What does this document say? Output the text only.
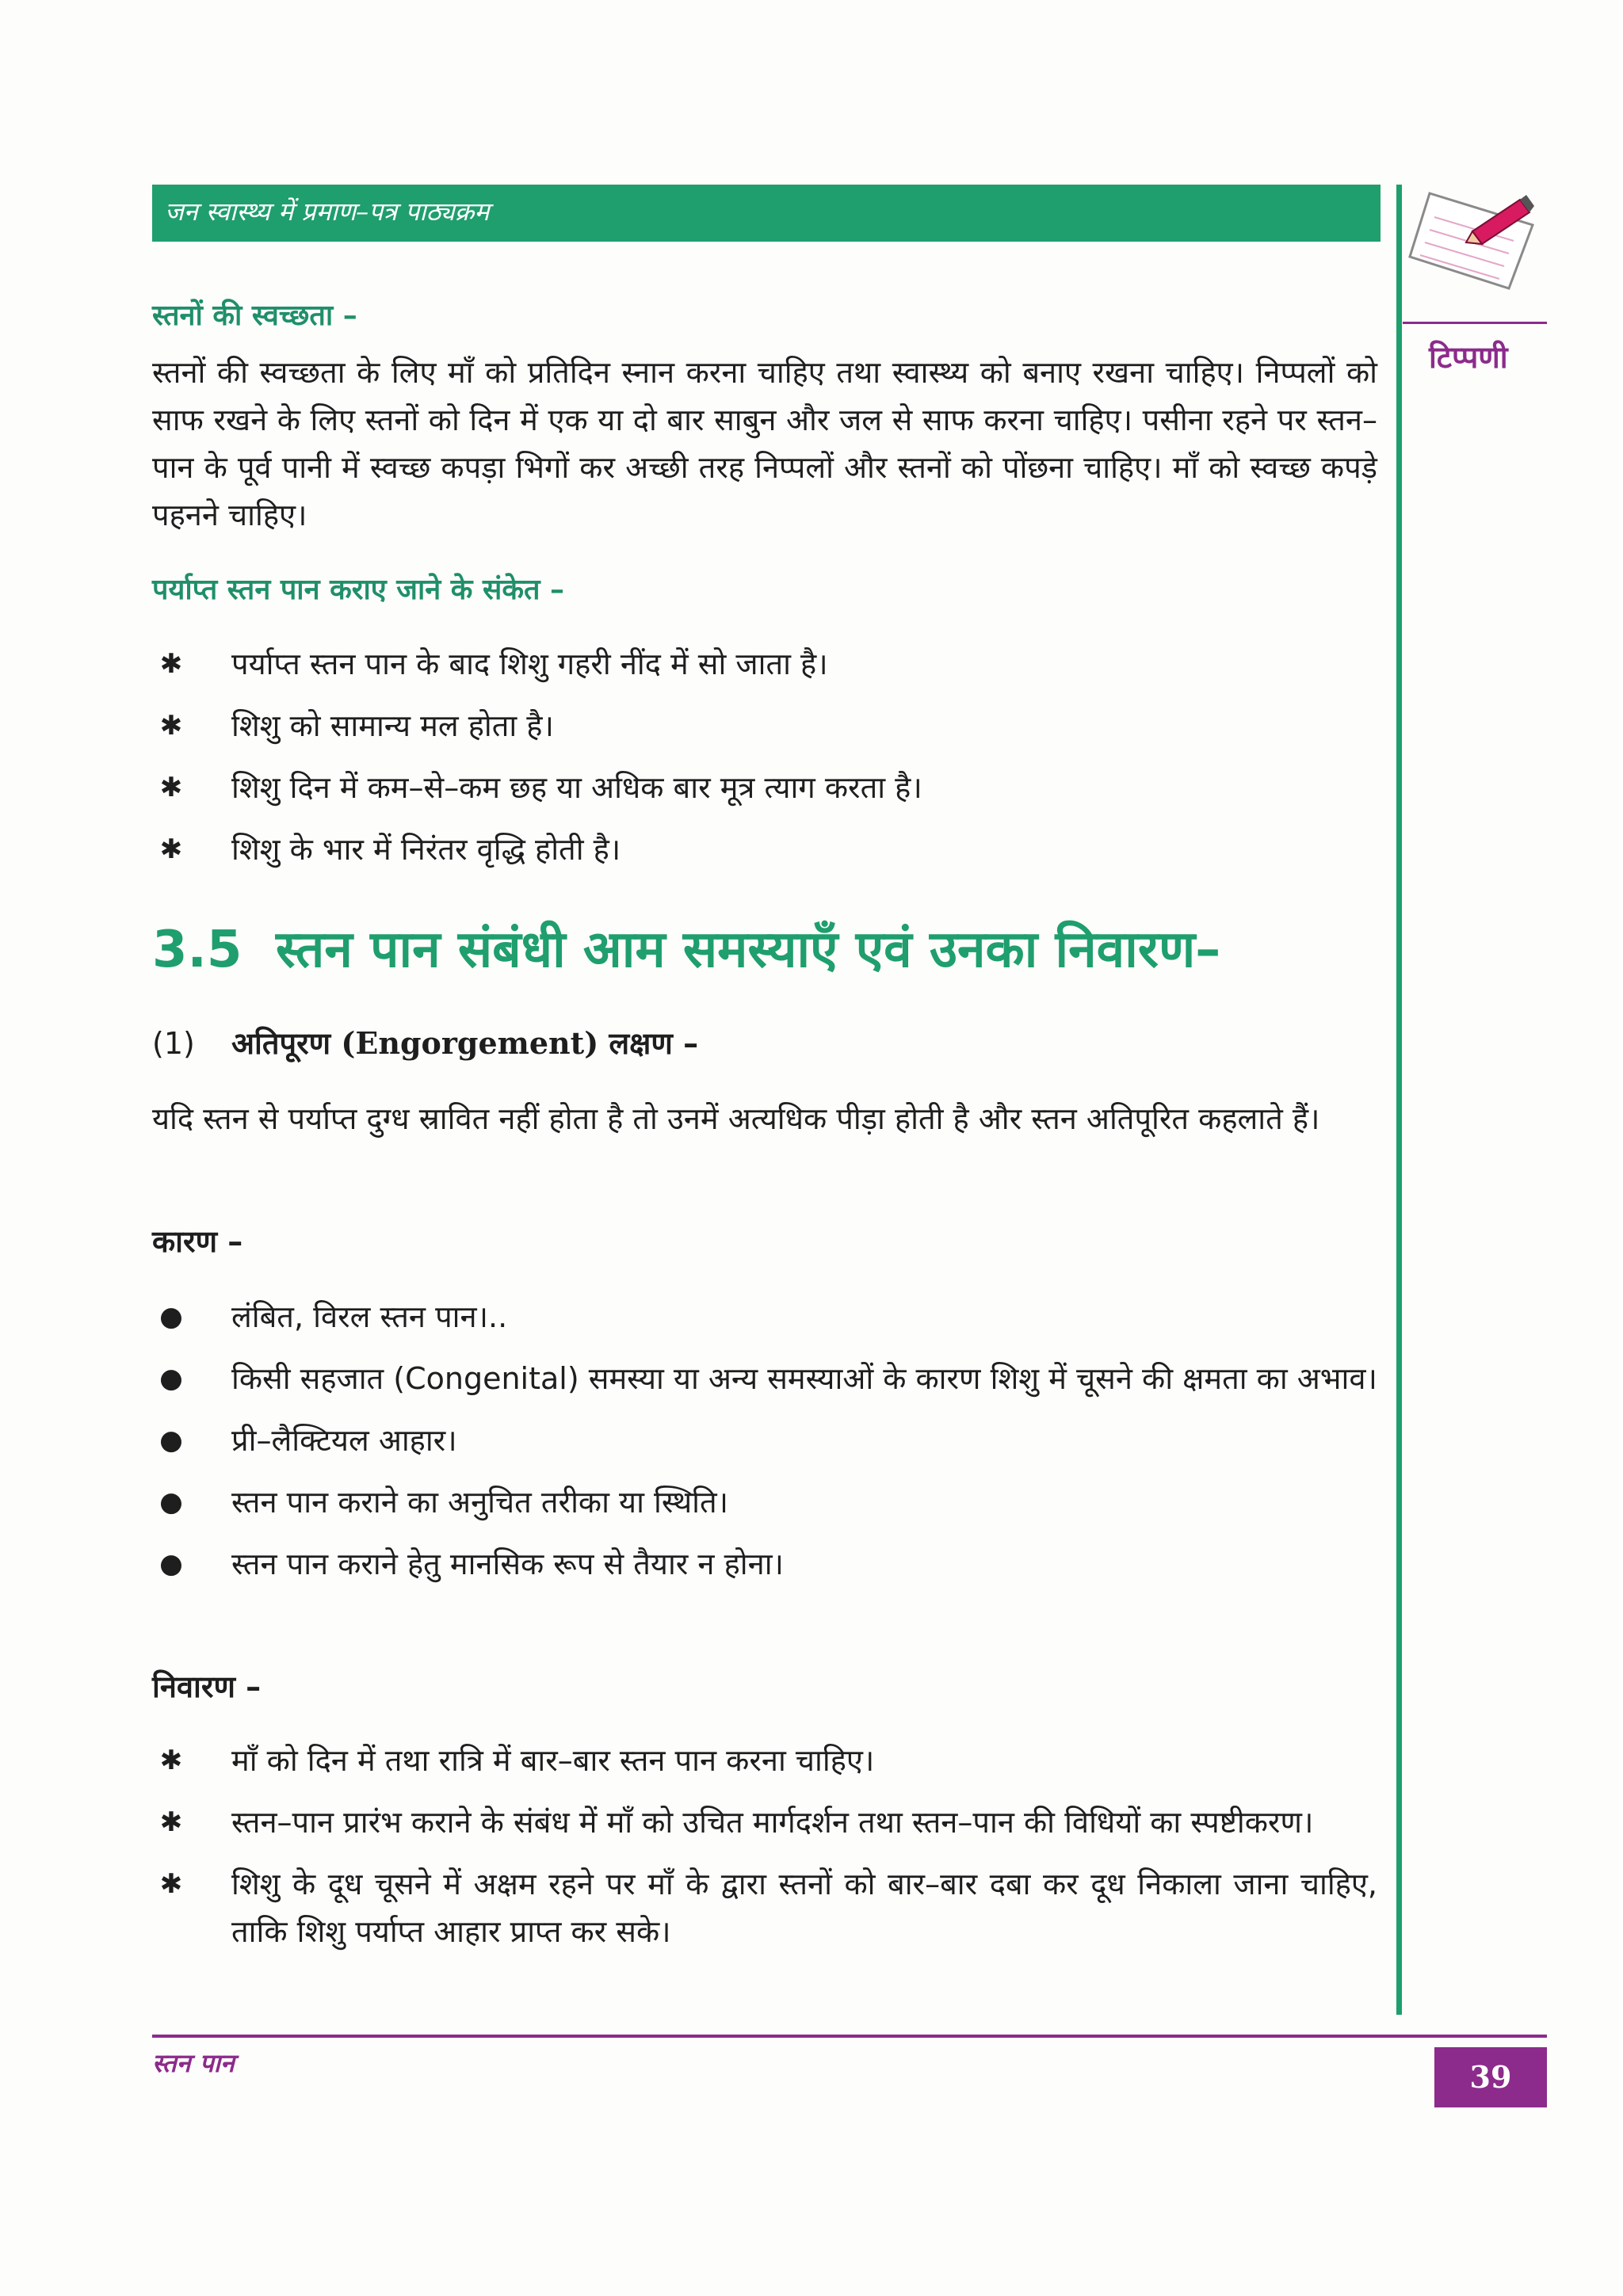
जन स्वास्थ्य में प्रमाण–पत्र पाठ्यक्रम
टिप्पणी
स्तनों की स्वच्छता –
स्तनों की स्वच्छता के लिए माँ को प्रतिदिन स्नान करना चाहिए तथा स्वास्थ्य को बनाए रखना चाहिए। निप्पलों को साफ रखने के लिए स्तनों को दिन में एक या दो बार साबुन और जल से साफ करना चाहिए। पसीना रहने पर स्तन–पान के पूर्व पानी में स्वच्छ कपड़ा भिगों कर अच्छी तरह निप्पलों और स्तनों को पोंछना चाहिए। माँ को स्वच्छ कपड़े पहनने चाहिए।
पर्याप्त स्तन पान कराए जाने के संकेत –
✱ पर्याप्त स्तन पान के बाद शिशु गहरी नींद में सो जाता है।
✱ शिशु को सामान्य मल होता है।
✱ शिशु दिन में कम–से–कम छह या अधिक बार मूत्र त्याग करता है।
✱ शिशु के भार में निरंतर वृद्धि होती है।
3.5 स्तन पान संबंधी आम समस्याएँ एवं उनका निवारण–
(1) अतिपूरण (Engorgement) लक्षण –
यदि स्तन से पर्याप्त दुग्ध स्रावित नहीं होता है तो उनमें अत्यधिक पीड़ा होती है और स्तन अतिपूरित कहलाते हैं।
कारण –
● लंबित, विरल स्तन पान।..
● किसी सहजात (Congenital) समस्या या अन्य समस्याओं के कारण शिशु में चूसने की क्षमता का अभाव।
● प्री–लैक्टियल आहार।
● स्तन पान कराने का अनुचित तरीका या स्थिति।
● स्तन पान कराने हेतु मानसिक रूप से तैयार न होना।
निवारण –
✱ माँ को दिन में तथा रात्रि में बार–बार स्तन पान करना चाहिए।
✱ स्तन–पान प्रारंभ कराने के संबंध में माँ को उचित मार्गदर्शन तथा स्तन–पान की विधियों का स्पष्टीकरण।
✱ शिशु के दूध चूसने में अक्षम रहने पर माँ के द्वारा स्तनों को बार–बार दबा कर दूध निकाला जाना चाहिए, ताकि शिशु पर्याप्त आहार प्राप्त कर सके।
स्तन पान	39
